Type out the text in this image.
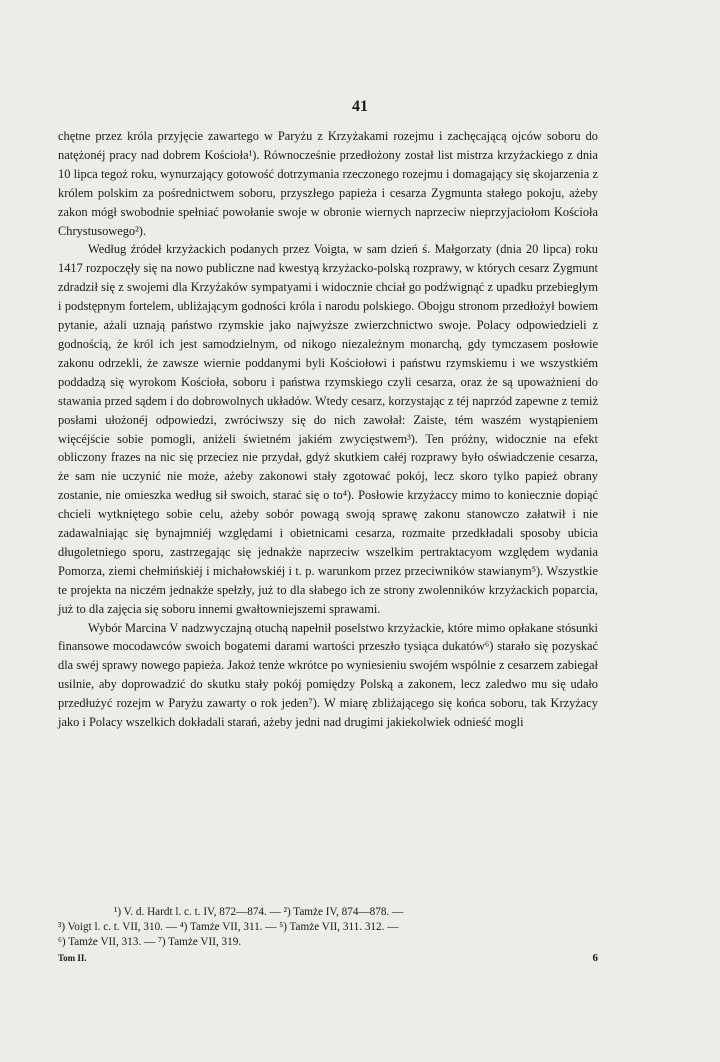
41

chętne przez króla przyjęcie zawartego w Paryżu z Krzyżakami rozejmu i zachęcającą ojców soboru do natężonéj pracy nad dobrem Kościoła¹). Równocześnie przedłożony został list mistrza krzyżackiego z dnia 10 lipca tegoż roku, wynurzający gotowość dotrzymania rzeczonego rozejmu i domagający się skojarzenia z królem polskim za pośrednictwem soboru, przyszłego papieża i cesarza Zygmunta stałego pokoju, ażeby zakon mógł swobodnie spełniać powołanie swoje w obronie wiernych naprzeciw nieprzyjaciołom Kościoła Chrystusowego²).

Według źródeł krzyżackich podanych przez Voigta, w sam dzień ś. Małgorzaty (dnia 20 lipca) roku 1417 rozpoczęły się na nowo publiczne nad kwestyą krzyżacko-polską rozprawy, w których cesarz Zygmunt zdradził się z swojemi dla Krzyżaków sympatyami i widocznie chciał go podźwignąć z upadku przebiegłym i podstępnym fortelem, ubliżającym godności króla i narodu polskiego. Obojgu stronom przedłożył bowiem pytanie, ażali uznają państwo rzymskie jako najwyższe zwierzchnictwo swoje. Polacy odpowiedzieli z godnością, że król ich jest samodzielnym, od nikogo niezależnym monarchą, gdy tymczasem posłowie zakonu odrzekli, że zawsze wiernie poddanymi byli Kościołowi i państwu rzymskiemu i we wszystkiém poddadzą się wyrokom Kościoła, soboru i państwa rzymskiego czyli cesarza, oraz że są upoważnieni do stawania przed sądem i do dobrowolnych układów. Wtedy cesarz, korzystając z téj naprzód zapewne z temiż posłami ułożonéj odpowiedzi, zwróciwszy się do nich zawołał: Zaiste, tém waszém wystąpieniem więcéjście sobie pomogli, aniżeli świetném jakiém zwycięstwem³). Ten próżny, widocznie na efekt obliczony frazes na nic się przeciez nie przydał, gdyż skutkiem całéj rozprawy było oświadczenie cesarza, że sam nie uczynić nie może, ażeby zakonowi stały zgotować pokój, lecz skoro tylko papież obrany zostanie, nie omieszka według sił swoich, starać się o to⁴). Posłowie krzyżaccy mimo to koniecznie dopiąć chcieli wytkniętego sobie celu, ażeby sobór powagą swoją sprawę zakonu stanowczo załatwił i nie zadawalniając się bynajmniéj względami i obietnicami cesarza, rozmaite przedkładali sposoby ubicia długoletniego sporu, zastrzegając się jednakże naprzeciw wszelkim pertraktacyom względem wydania Pomorza, ziemi chełmińskiéj i michałowskiéj i t. p. warunkom przez przeciwników stawianym⁵). Wszystkie te projekta na niczém jednakże spełzły, już to dla słabego ich ze strony zwolenników krzyżackich poparcia, już to dla zajęcia się soboru innemi gwałtowniejszemi sprawami.

Wybór Marcina V nadzwyczajną otuchą napełnił poselstwo krzyżackie, które mimo opłakane stósunki finansowe mocodawców swoich bogatemi darami wartości przeszło tysiąca dukatów⁶) starało się pozyskać dla swéj sprawy nowego papieża. Jakoż tenże wkrótce po wyniesieniu swojém wspólnie z cesarzem zabiegał usilnie, aby doprowadzić do skutku stały pokój pomiędzy Polską a zakonem, lecz zaledwo mu się udało przedłużyć rozejm w Paryżu zawarty o rok jeden⁷). W miarę zbliżającego się końca soboru, tak Krzyżacy jako i Polacy wszelkich dokładali starań, ażeby jedni nad drugimi jakiekolwiek odnieść mogli

¹) V. d. Hardt l. c. t. IV, 872—874. — ²) Tamże IV, 874—878. —
³) Voigt l. c. t. VII, 310. — ⁴) Tamże VII, 311. — ⁵) Tamże VII, 311. 312. —
⁶) Tamże VII, 313. — ⁷) Tamże VII, 319.
Tom II.	6
